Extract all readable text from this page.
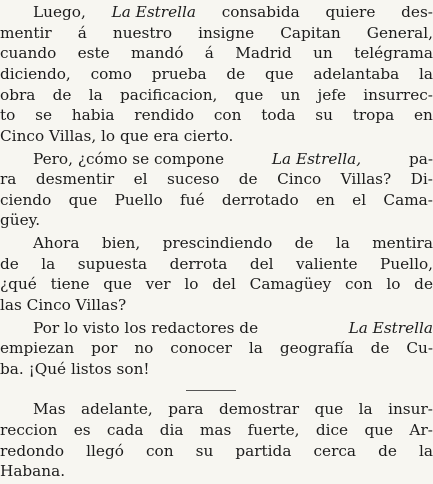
Luego, La Estrella consabida quiere des-
mentir á nuestro insigne Capitan General,
cuando este mandó á Madrid un telégrama
diciendo, como prueba de que adelantaba la
obra de la pacificacion, que un jefe insurrec-
to se habia rendido con toda su tropa en
Cinco Villas, lo que era cierto.
Pero, ¿cómo se compone	La Estrella,	pa-
ra desmentir el suceso de Cinco Villas? Di-
ciendo que Puello fué derrotado en el Cama-
güey.
Ahora bien, prescindiendo de la mentira
de la supuesta derrota del valiente Puello,
¿qué tiene que ver lo del Camagüey con lo de
las Cinco Villas?
Por lo visto los redactores de	La Estrella
empiezan por no conocer la geografía de Cu-
ba. ¡Qué listos son!
Mas adelante, para demostrar que la insur-
reccion es cada dia mas fuerte, dice que Ar-
redondo llegó con su partida cerca de la
Habana.
